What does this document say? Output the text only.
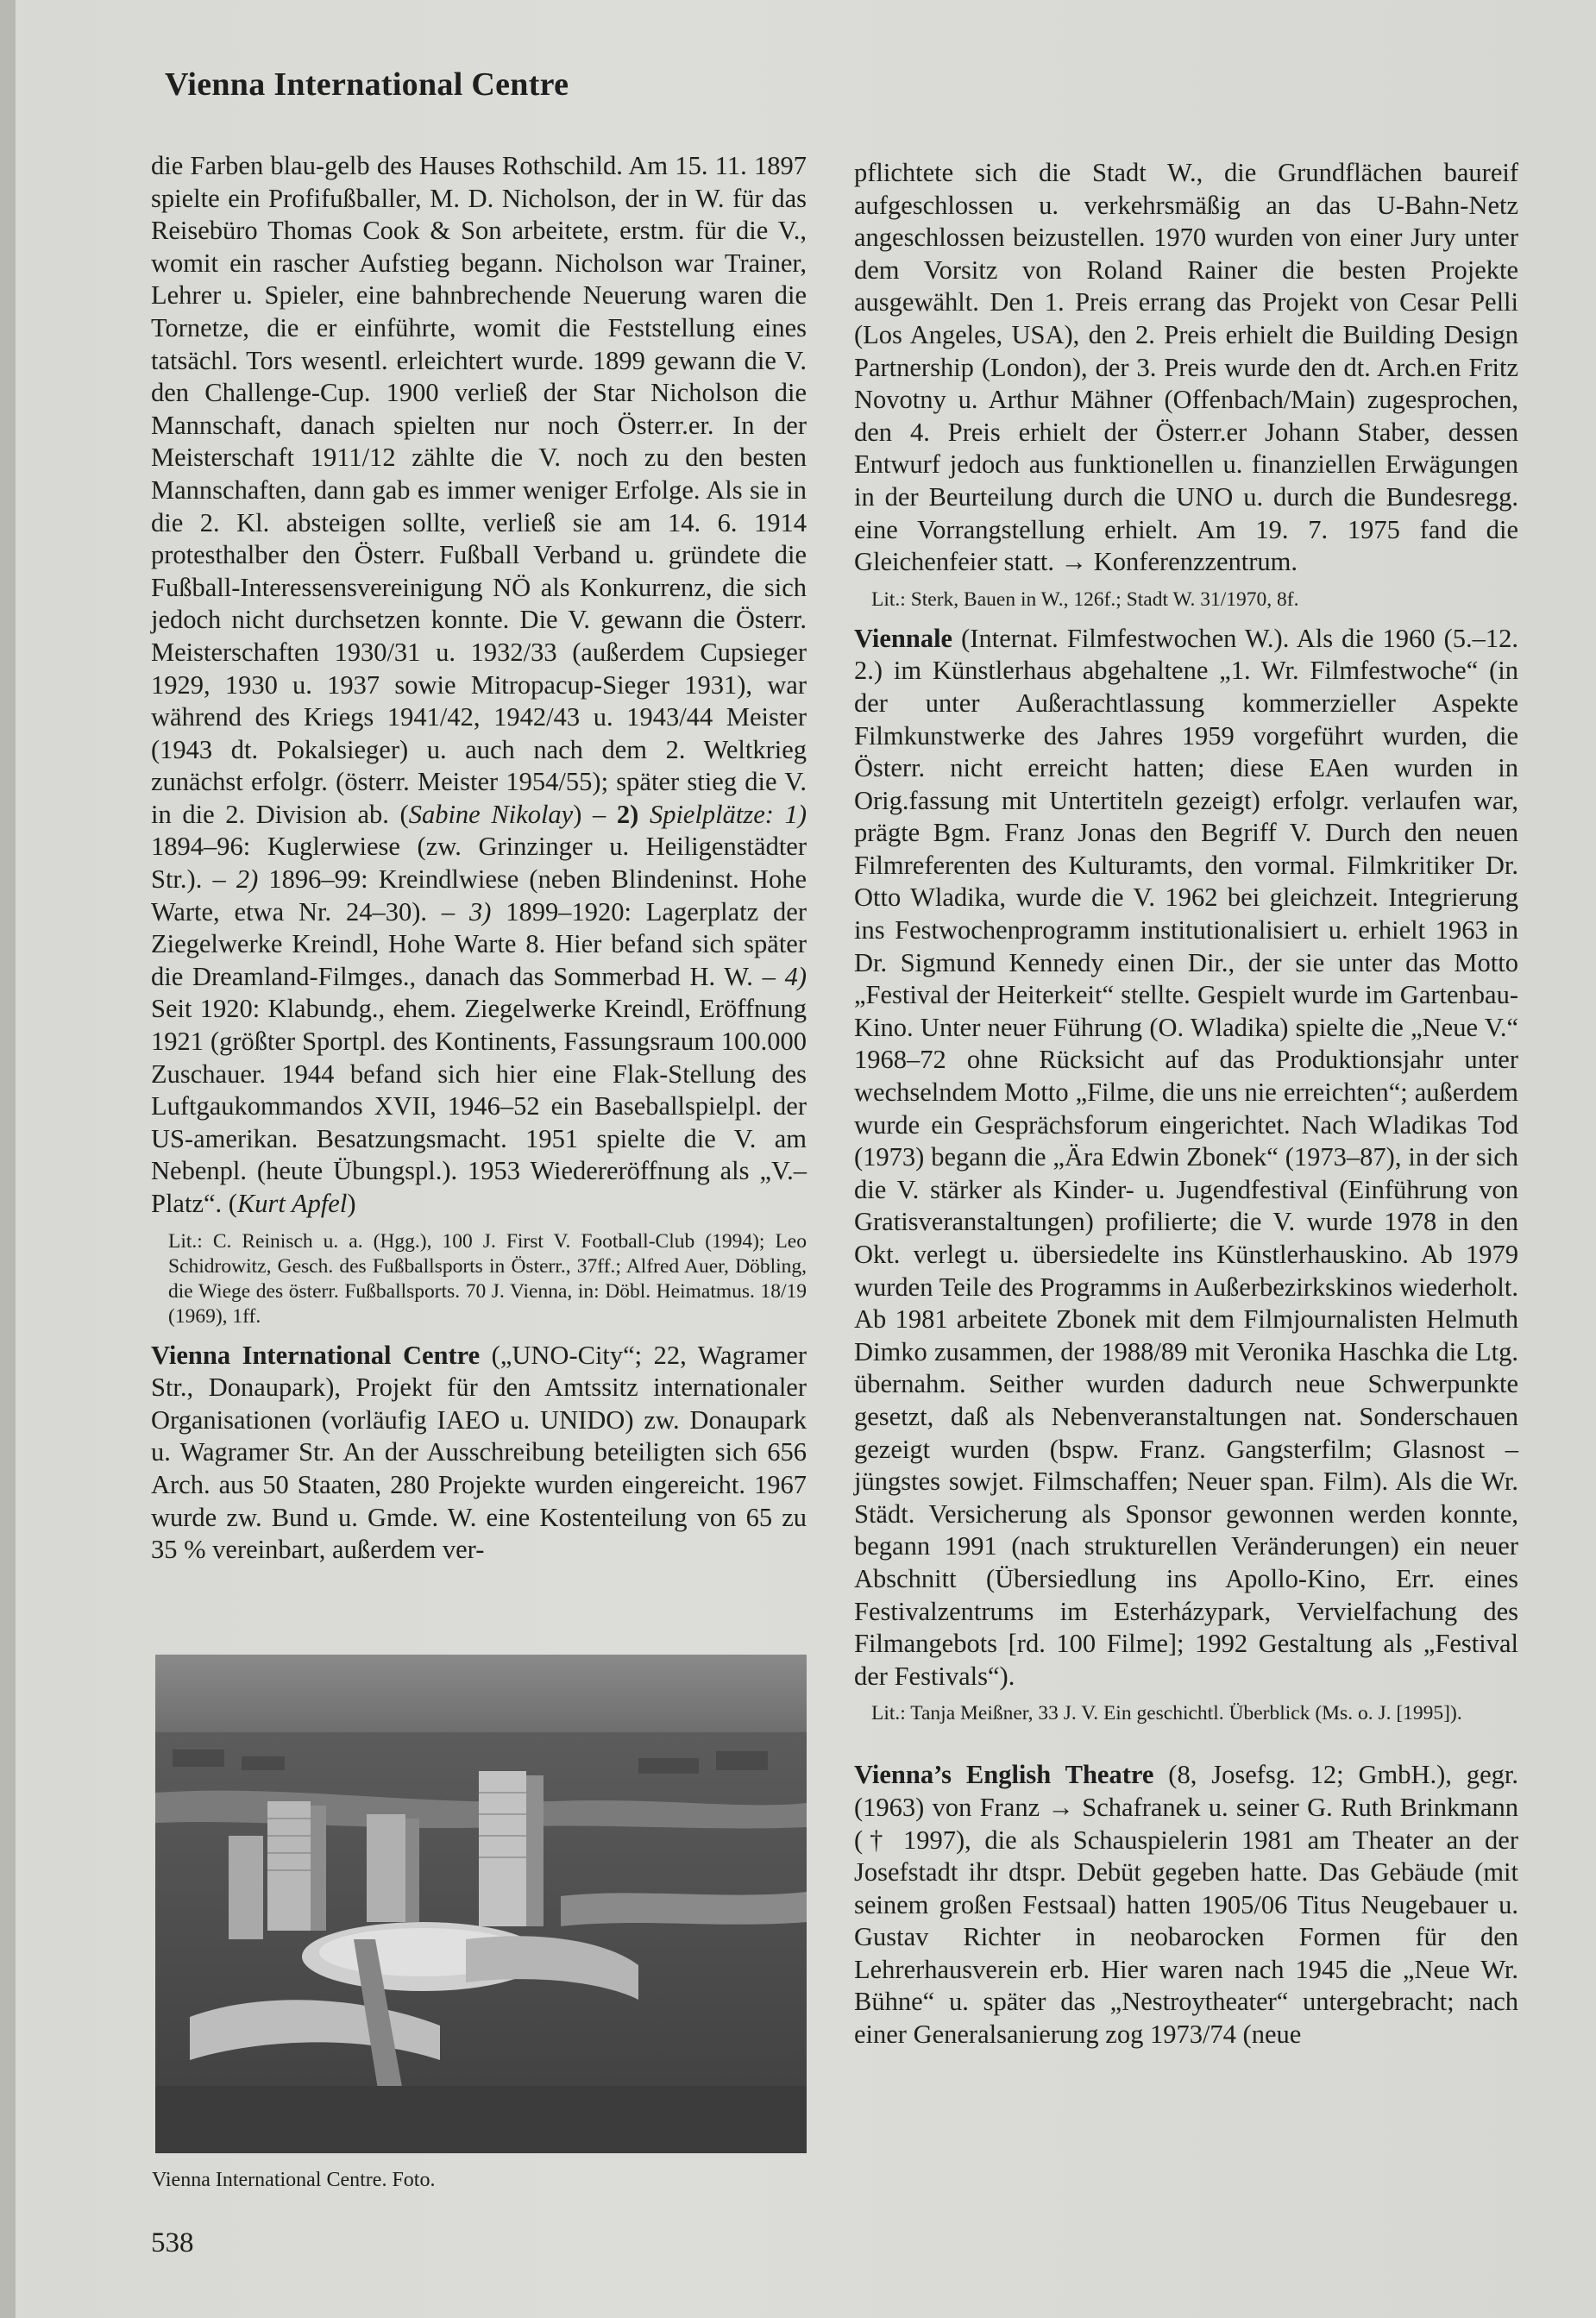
Vienna International Centre

die Farben blau-gelb des Hauses Rothschild. Am 15. 11. 1897 spielte ein Profifußballer, M. D. Nicholson, der in W. für das Reisebüro Thomas Cook & Son arbeitete, erstm. für die V., womit ein rascher Aufstieg begann. Nicholson war Trainer, Lehrer u. Spieler, eine bahnbrechende Neuerung waren die Tornetze, die er einführte, womit die Feststellung eines tatsächl. Tors wesentl. erleichtert wurde. 1899 gewann die V. den Challenge-Cup. 1900 verließ der Star Nicholson die Mannschaft, danach spielten nur noch Österr.er. In der Meisterschaft 1911/12 zählte die V. noch zu den besten Mannschaften, dann gab es immer weniger Erfolge. Als sie in die 2. Kl. absteigen sollte, verließ sie am 14. 6. 1914 protesthalber den Österr. Fußball Verband u. gründete die Fußball-Interessensvereinigung NÖ als Konkurrenz, die sich jedoch nicht durchsetzen konnte. Die V. gewann die Österr. Meisterschaften 1930/31 u. 1932/33 (außerdem Cupsieger 1929, 1930 u. 1937 sowie Mitropacup-Sieger 1931), war während des Kriegs 1941/42, 1942/43 u. 1943/44 Meister (1943 dt. Pokalsieger) u. auch nach dem 2. Weltkrieg zunächst erfolgr. (österr. Meister 1954/55); später stieg die V. in die 2. Division ab. (Sabine Nikolay) – 2) Spielplätze: 1) 1894–96: Kuglerwiese (zw. Grinzinger u. Heiligenstädter Str.). – 2) 1896–99: Kreindlwiese (neben Blindeninst. Hohe Warte, etwa Nr. 24–30). – 3) 1899–1920: Lagerplatz der Ziegelwerke Kreindl, Hohe Warte 8. Hier befand sich später die Dreamland-Filmges., danach das Sommerbad H. W. – 4) Seit 1920: Klabundg., ehem. Ziegelwerke Kreindl, Eröffnung 1921 (größter Sportpl. des Kontinents, Fassungsraum 100.000 Zuschauer. 1944 befand sich hier eine Flak-Stellung des Luftgaukommandos XVII, 1946–52 ein Baseballspielpl. der US-amerikan. Besatzungsmacht. 1951 spielte die V. am Nebenpl. (heute Übungspl.). 1953 Wiedereröffnung als „V.–Platz“. (Kurt Apfel)

Lit.: C. Reinisch u. a. (Hgg.), 100 J. First V. Football-Club (1994); Leo Schidrowitz, Gesch. des Fußballsports in Österr., 37ff.; Alfred Auer, Döbling, die Wiege des österr. Fußballsports. 70 J. Vienna, in: Döbl. Heimatmus. 18/19 (1969), 1ff.

Vienna International Centre („UNO-City“; 22, Wagramer Str., Donaupark), Projekt für den Amtssitz internationaler Organisationen (vorläufig IAEO u. UNIDO) zw. Donaupark u. Wagramer Str. An der Ausschreibung beteiligten sich 656 Arch. aus 50 Staaten, 280 Projekte wurden eingereicht. 1967 wurde zw. Bund u. Gmde. W. eine Kostenteilung von 65 zu 35 % vereinbart, außerdem ver-

Vienna International Centre. Foto.

pflichtete sich die Stadt W., die Grundflächen baureif aufgeschlossen u. verkehrsmäßig an das U-Bahn-Netz angeschlossen beizustellen. 1970 wurden von einer Jury unter dem Vorsitz von Roland Rainer die besten Projekte ausgewählt. Den 1. Preis errang das Projekt von Cesar Pelli (Los Angeles, USA), den 2. Preis erhielt die Building Design Partnership (London), der 3. Preis wurde den dt. Arch.en Fritz Novotny u. Arthur Mähner (Offenbach/Main) zugesprochen, den 4. Preis erhielt der Österr.er Johann Staber, dessen Entwurf jedoch aus funktionellen u. finanziellen Erwägungen in der Beurteilung durch die UNO u. durch die Bundesregg. eine Vorrangstellung erhielt. Am 19. 7. 1975 fand die Gleichenfeier statt. → Konferenzzentrum.

Lit.: Sterk, Bauen in W., 126f.; Stadt W. 31/1970, 8f.

Viennale (Internat. Filmfestwochen W.). Als die 1960 (5.–12. 2.) im Künstlerhaus abgehaltene „1. Wr. Filmfestwoche“ (in der unter Außerachtlassung kommerzieller Aspekte Filmkunstwerke des Jahres 1959 vorgeführt wurden, die Österr. nicht erreicht hatten; diese EAen wurden in Orig.fassung mit Untertiteln gezeigt) erfolgr. verlaufen war, prägte Bgm. Franz Jonas den Begriff V. Durch den neuen Filmreferenten des Kulturamts, den vormal. Filmkritiker Dr. Otto Wladika, wurde die V. 1962 bei gleichzeit. Integrierung ins Festwochenprogramm institutionalisiert u. erhielt 1963 in Dr. Sigmund Kennedy einen Dir., der sie unter das Motto „Festival der Heiterkeit“ stellte. Gespielt wurde im Gartenbau-Kino. Unter neuer Führung (O. Wladika) spielte die „Neue V.“ 1968–72 ohne Rücksicht auf das Produktionsjahr unter wechselndem Motto „Filme, die uns nie erreichten“; außerdem wurde ein Gesprächsforum eingerichtet. Nach Wladikas Tod (1973) begann die „Ära Edwin Zbonek“ (1973–87), in der sich die V. stärker als Kinder- u. Jugendfestival (Einführung von Gratisveranstaltungen) profilierte; die V. wurde 1978 in den Okt. verlegt u. übersiedelte ins Künstlerhauskino. Ab 1979 wurden Teile des Programms in Außerbezirkskinos wiederholt. Ab 1981 arbeitete Zbonek mit dem Filmjournalisten Helmuth Dimko zusammen, der 1988/89 mit Veronika Haschka die Ltg. übernahm. Seither wurden dadurch neue Schwerpunkte gesetzt, daß als Nebenveranstaltungen nat. Sonderschauen gezeigt wurden (bspw. Franz. Gangsterfilm; Glasnost – jüngstes sowjet. Filmschaffen; Neuer span. Film). Als die Wr. Städt. Versicherung als Sponsor gewonnen werden konnte, begann 1991 (nach strukturellen Veränderungen) ein neuer Abschnitt (Übersiedlung ins Apollo-Kino, Err. eines Festivalzentrums im Esterházypark, Vervielfachung des Filmangebots [rd. 100 Filme]; 1992 Gestaltung als „Festival der Festivals“).

Lit.: Tanja Meißner, 33 J. V. Ein geschichtl. Überblick (Ms. o. J. [1995]).

Vienna’s English Theatre (8, Josefsg. 12; GmbH.), gegr. (1963) von Franz → Schafranek u. seiner G. Ruth Brinkmann († 1997), die als Schauspielerin 1981 am Theater an der Josefstadt ihr dtspr. Debüt gegeben hatte. Das Gebäude (mit seinem großen Festsaal) hatten 1905/06 Titus Neugebauer u. Gustav Richter in neobarocken Formen für den Lehrerhausverein erb. Hier waren nach 1945 die „Neue Wr. Bühne“ u. später das „Nestroytheater“ untergebracht; nach einer Generalsanierung zog 1973/74 (neue

538
